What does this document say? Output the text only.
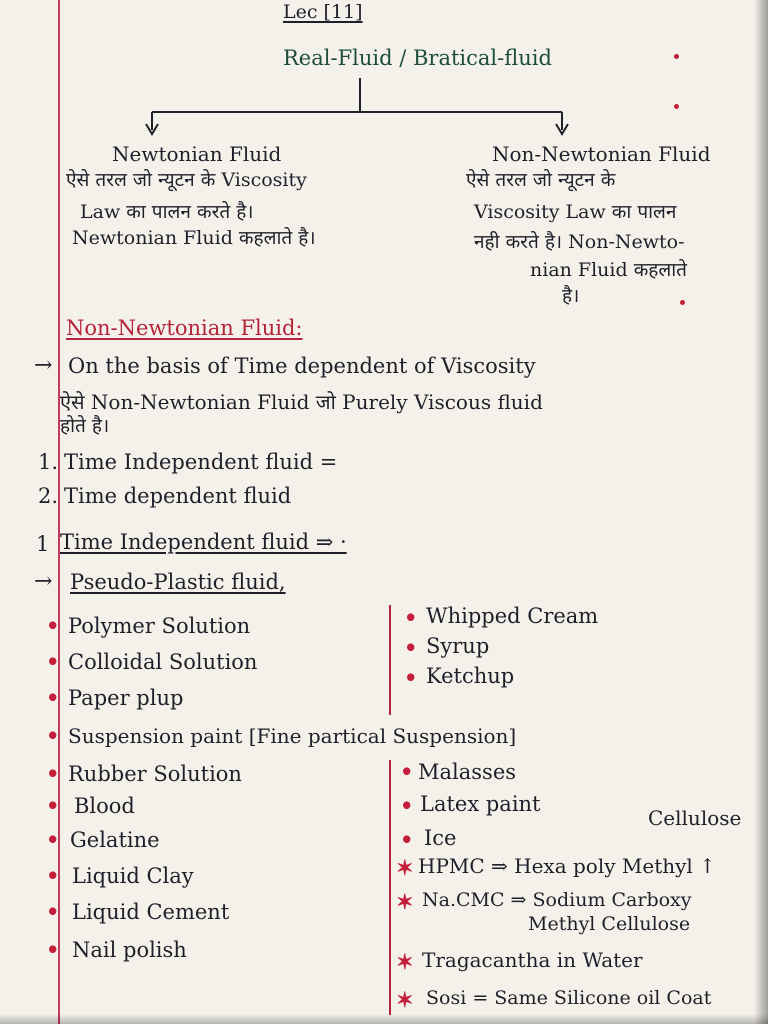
Lec [11]
Real-Fluid / Bratical-fluid
Newtonian Fluid
ऐसे तरल जो न्यूटन के Viscosity
Law का पालन करते है।
Newtonian Fluid कहलाते है।
Non-Newtonian Fluid
ऐसे तरल जो न्यूटन के
Viscosity Law का पालन
नही करते है। Non-Newto-
nian Fluid कहलाते
है।
Non-Newtonian Fluid:
→ On the basis of Time dependent of Viscosity
ऐसे Non-Newtonian Fluid जो Purely Viscous fluid
होते है।
1. Time Independent fluid =
2. Time dependent fluid
1 Time Independent fluid ⇒ ·
→ Pseudo-Plastic fluid,
• Polymer Solution
• Colloidal Solution
• Paper plup
• Suspension paint [Fine partical Suspension]
• Rubber Solution
• Blood
• Gelatine
• Liquid Clay
• Liquid Cement
• Nail polish
• Whipped Cream
• Syrup
• Ketchup
• Malasses
• Latex paint
• Ice
Cellulose
✶ HPMC ⇒ Hexa poly Methyl ↑
✶ Na.CMC ⇒ Sodium Carboxy
Methyl Cellulose
✶ Tragacantha in Water
✶ Sosi = Same Silicone oil Coat
